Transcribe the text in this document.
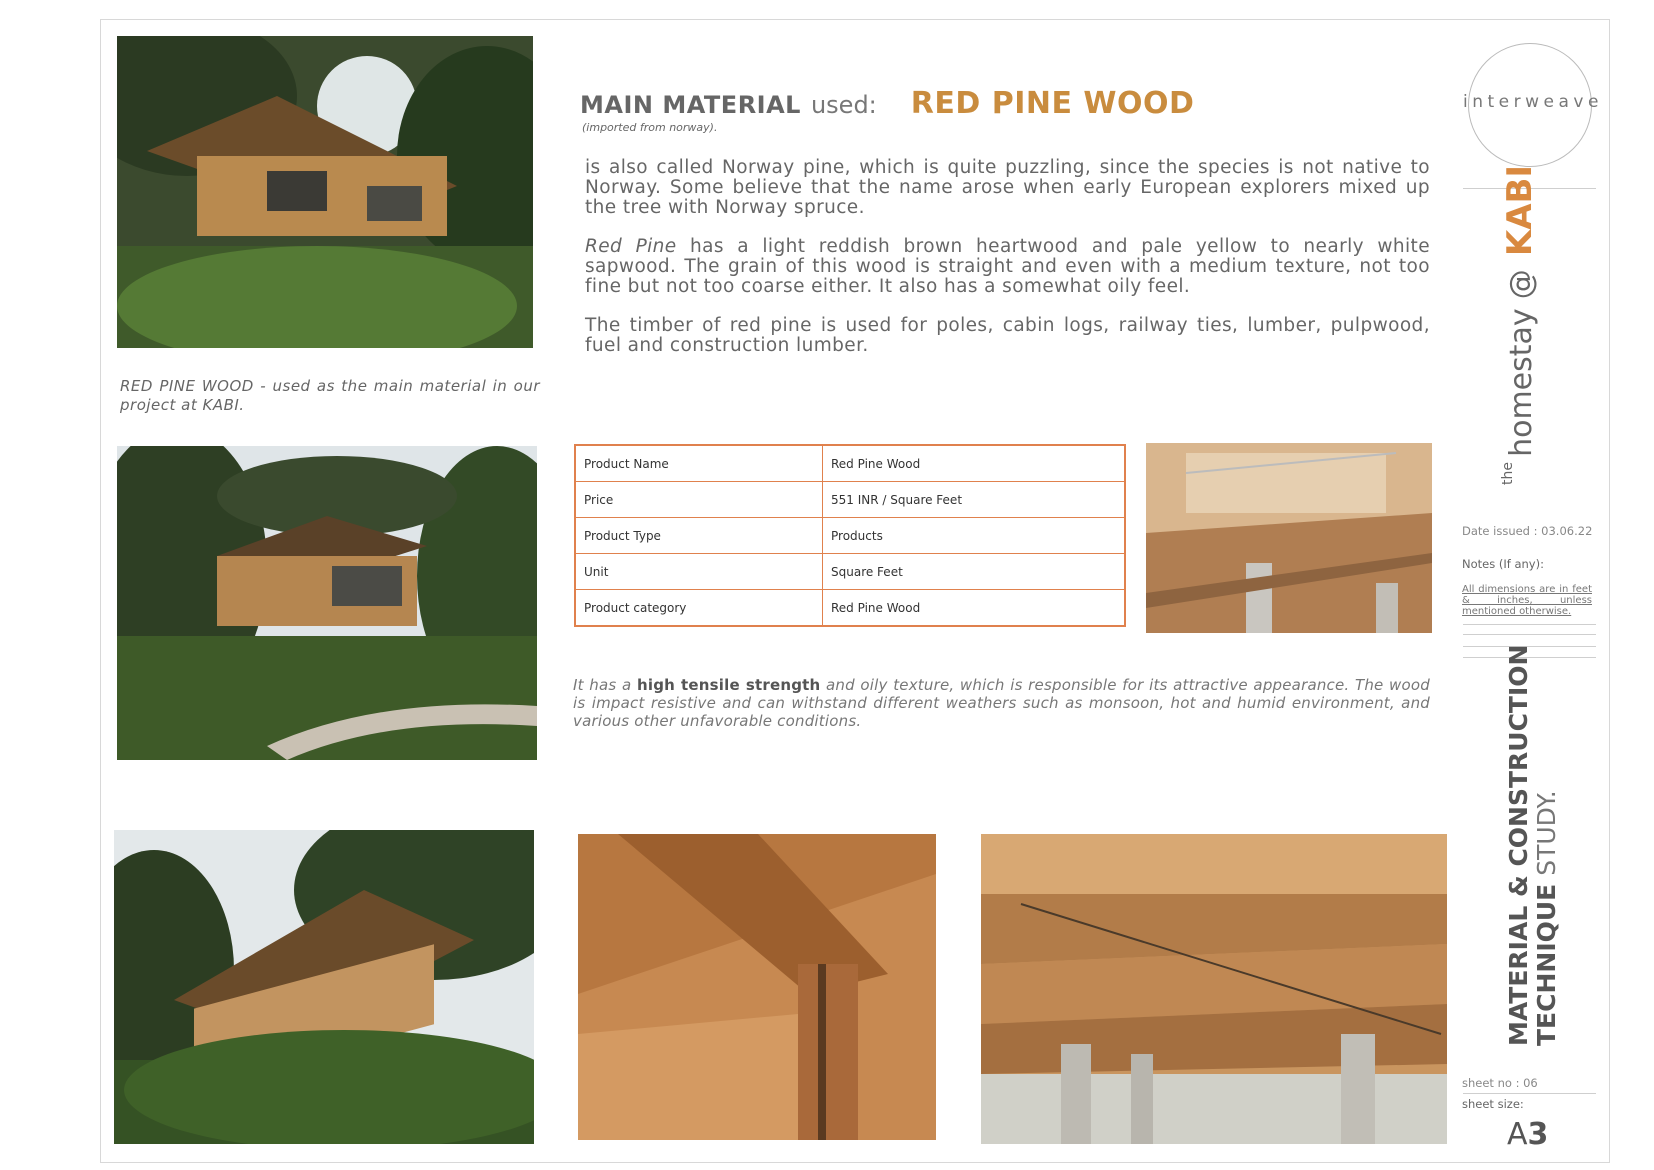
MAIN MATERIAL used: RED PINE WOOD
(imported from norway).

is also called Norway pine, which is quite puzzling, since the species is not native to Norway. Some believe that the name arose when early European explorers mixed up the tree with Norway spruce.

Red Pine has a light reddish brown heartwood and pale yellow to nearly white sapwood. The grain of this wood is straight and even with a medium texture, not too fine but not too coarse either. It also has a somewhat oily feel.

The timber of red pine is used for poles, cabin logs, railway ties, lumber, pulpwood, fuel and construction lumber.

RED PINE WOOD - used as the main material in our project at KABI.
Product Name	Red Pine Wood
Price	551 INR / Square Feet
Product Type	Products
Unit	Square Feet
Product category	Red Pine Wood

It has a high tensile strength and oily texture, which is responsible for its attractive appearance. The wood is impact resistive and can withstand different weathers such as monsoon, hot and humid environment, and various other unfavorable conditions.

interweave
the homestay @ KABI
Date issued : 03.06.22
Notes (If any):
All dimensions are in feet & inches, unless mentioned otherwise.
MATERIAL & CONSTRUCTION TECHNIQUE STUDY.
sheet no : 06
sheet size:
A3
